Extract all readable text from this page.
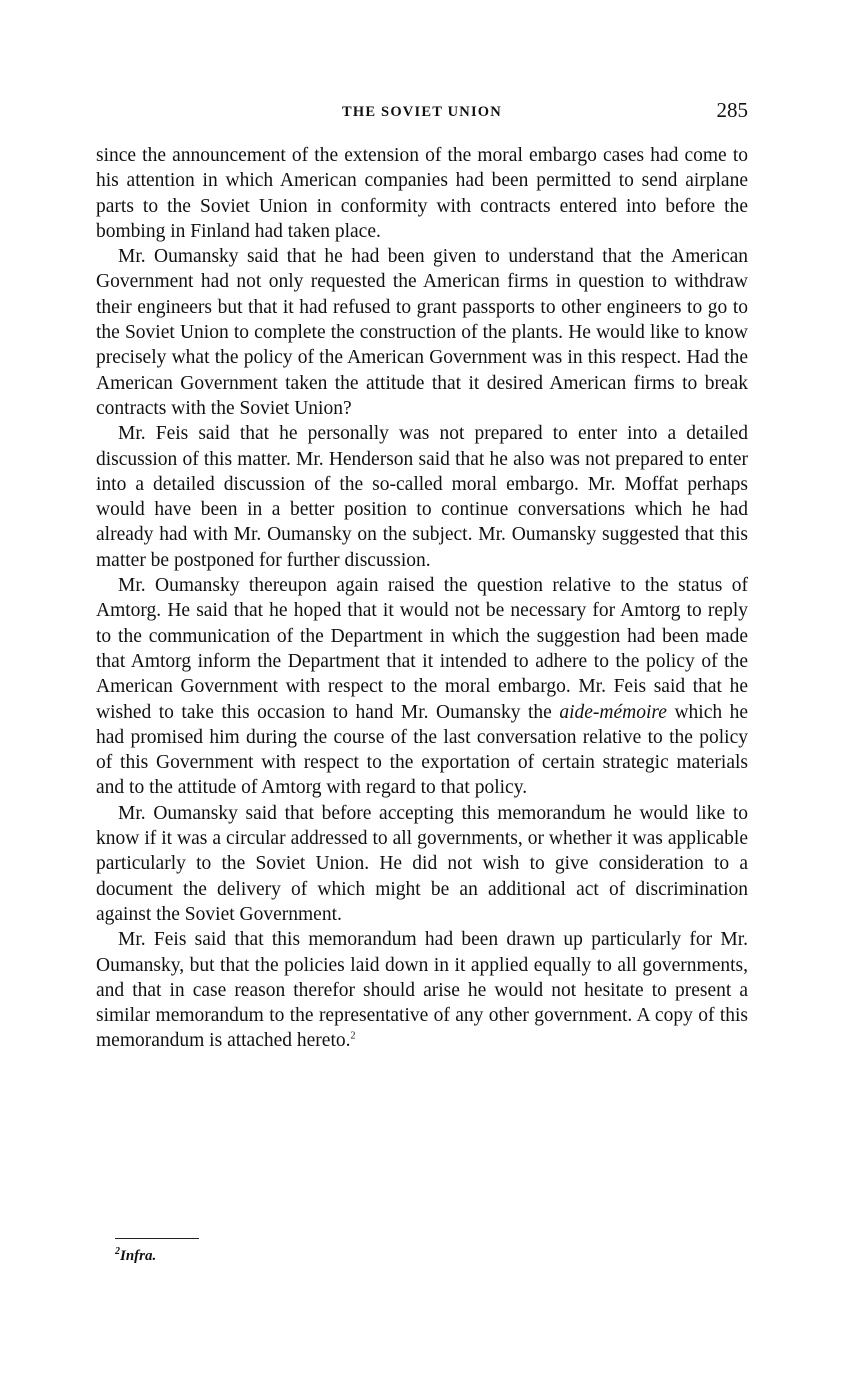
THE SOVIET UNION	285

since the announcement of the extension of the moral embargo cases had come to his attention in which American companies had been permitted to send airplane parts to the Soviet Union in conformity with contracts entered into before the bombing in Finland had taken place.

Mr. Oumansky said that he had been given to understand that the American Government had not only requested the American firms in question to withdraw their engineers but that it had refused to grant passports to other engineers to go to the Soviet Union to complete the construction of the plants. He would like to know precisely what the policy of the American Government was in this respect. Had the American Government taken the attitude that it desired American firms to break contracts with the Soviet Union?

Mr. Feis said that he personally was not prepared to enter into a detailed discussion of this matter. Mr. Henderson said that he also was not prepared to enter into a detailed discussion of the so-called moral embargo. Mr. Moffat perhaps would have been in a better position to continue conversations which he had already had with Mr. Oumansky on the subject. Mr. Oumansky suggested that this matter be postponed for further discussion.

Mr. Oumansky thereupon again raised the question relative to the status of Amtorg. He said that he hoped that it would not be necessary for Amtorg to reply to the communication of the Department in which the suggestion had been made that Amtorg inform the Department that it intended to adhere to the policy of the American Government with respect to the moral embargo. Mr. Feis said that he wished to take this occasion to hand Mr. Oumansky the aide-mémoire which he had promised him during the course of the last conversation relative to the policy of this Government with respect to the exportation of certain strategic materials and to the attitude of Amtorg with regard to that policy.

Mr. Oumansky said that before accepting this memorandum he would like to know if it was a circular addressed to all governments, or whether it was applicable particularly to the Soviet Union. He did not wish to give consideration to a document the delivery of which might be an additional act of discrimination against the Soviet Government.

Mr. Feis said that this memorandum had been drawn up particularly for Mr. Oumansky, but that the policies laid down in it applied equally to all governments, and that in case reason therefor should arise he would not hesitate to present a similar memorandum to the representative of any other government. A copy of this memorandum is attached hereto.$^2$

$^2$Infra.
